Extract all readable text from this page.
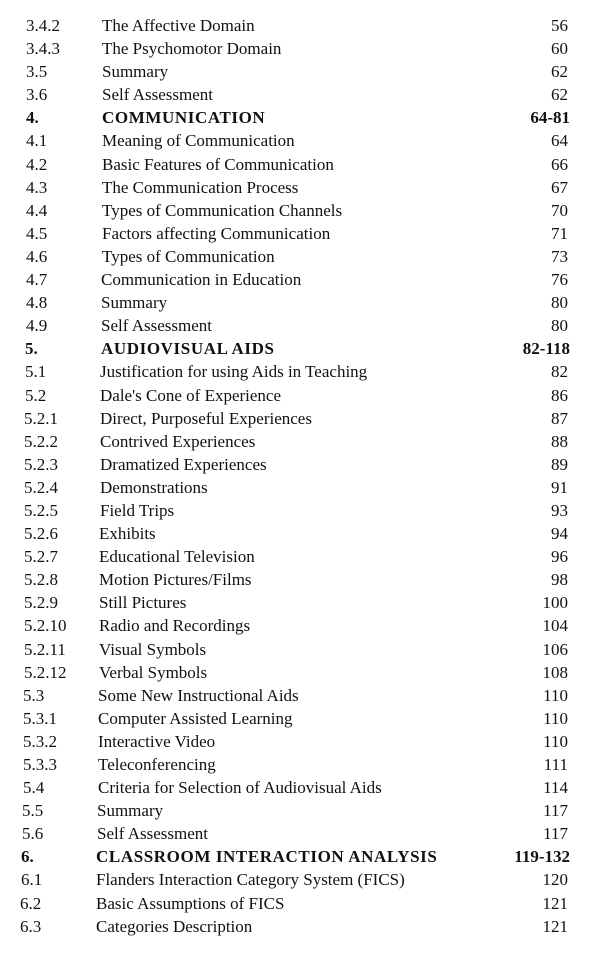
3.4.2 The Affective Domain	56
3.4.3 The Psychomotor Domain	60
3.5	Summary	62
3.6	Self Assessment	62
4.	COMMUNICATION	64-81
4.1	Meaning of Communication	64
4.2	Basic Features of Communication	66
4.3	The Communication Process	67
4.4	Types of Communication Channels	70
4.5	Factors affecting Communication	71
4.6	Types of Communication	73
4.7	Communication in Education	76
4.8	Summary	80
4.9	Self Assessment	80
5.	AUDIOVISUAL AIDS	82-118
5.1	Justification for using Aids in Teaching	82
5.2	Dale's Cone of Experience	86
5.2.1 Direct, Purposeful Experiences	87
5.2.2 Contrived Experiences	88
5.2.3 Dramatized Experiences	89
5.2.4 Demonstrations	91
5.2.5 Field Trips	93
5.2.6 Exhibits	94
5.2.7 Educational Television	96
5.2.8 Motion Pictures/Films	98
5.2.9 Still Pictures	100
5.2.10 Radio and Recordings	104
5.2.11 Visual Symbols	106
5.2.12 Verbal Symbols	108
5.3	Some New Instructional Aids	110
5.3.1 Computer Assisted Learning	110
5.3.2 Interactive Video	110
5.3.3 Teleconferencing	111
5.4	Criteria for Selection of Audiovisual Aids	114
5.5	Summary	117
5.6	Self Assessment	117
6.	CLASSROOM INTERACTION ANALYSIS	119-132
6.1	Flanders Interaction Category System (FICS)	120
6.2	Basic Assumptions of FICS	121
6.3	Categories Description	121
